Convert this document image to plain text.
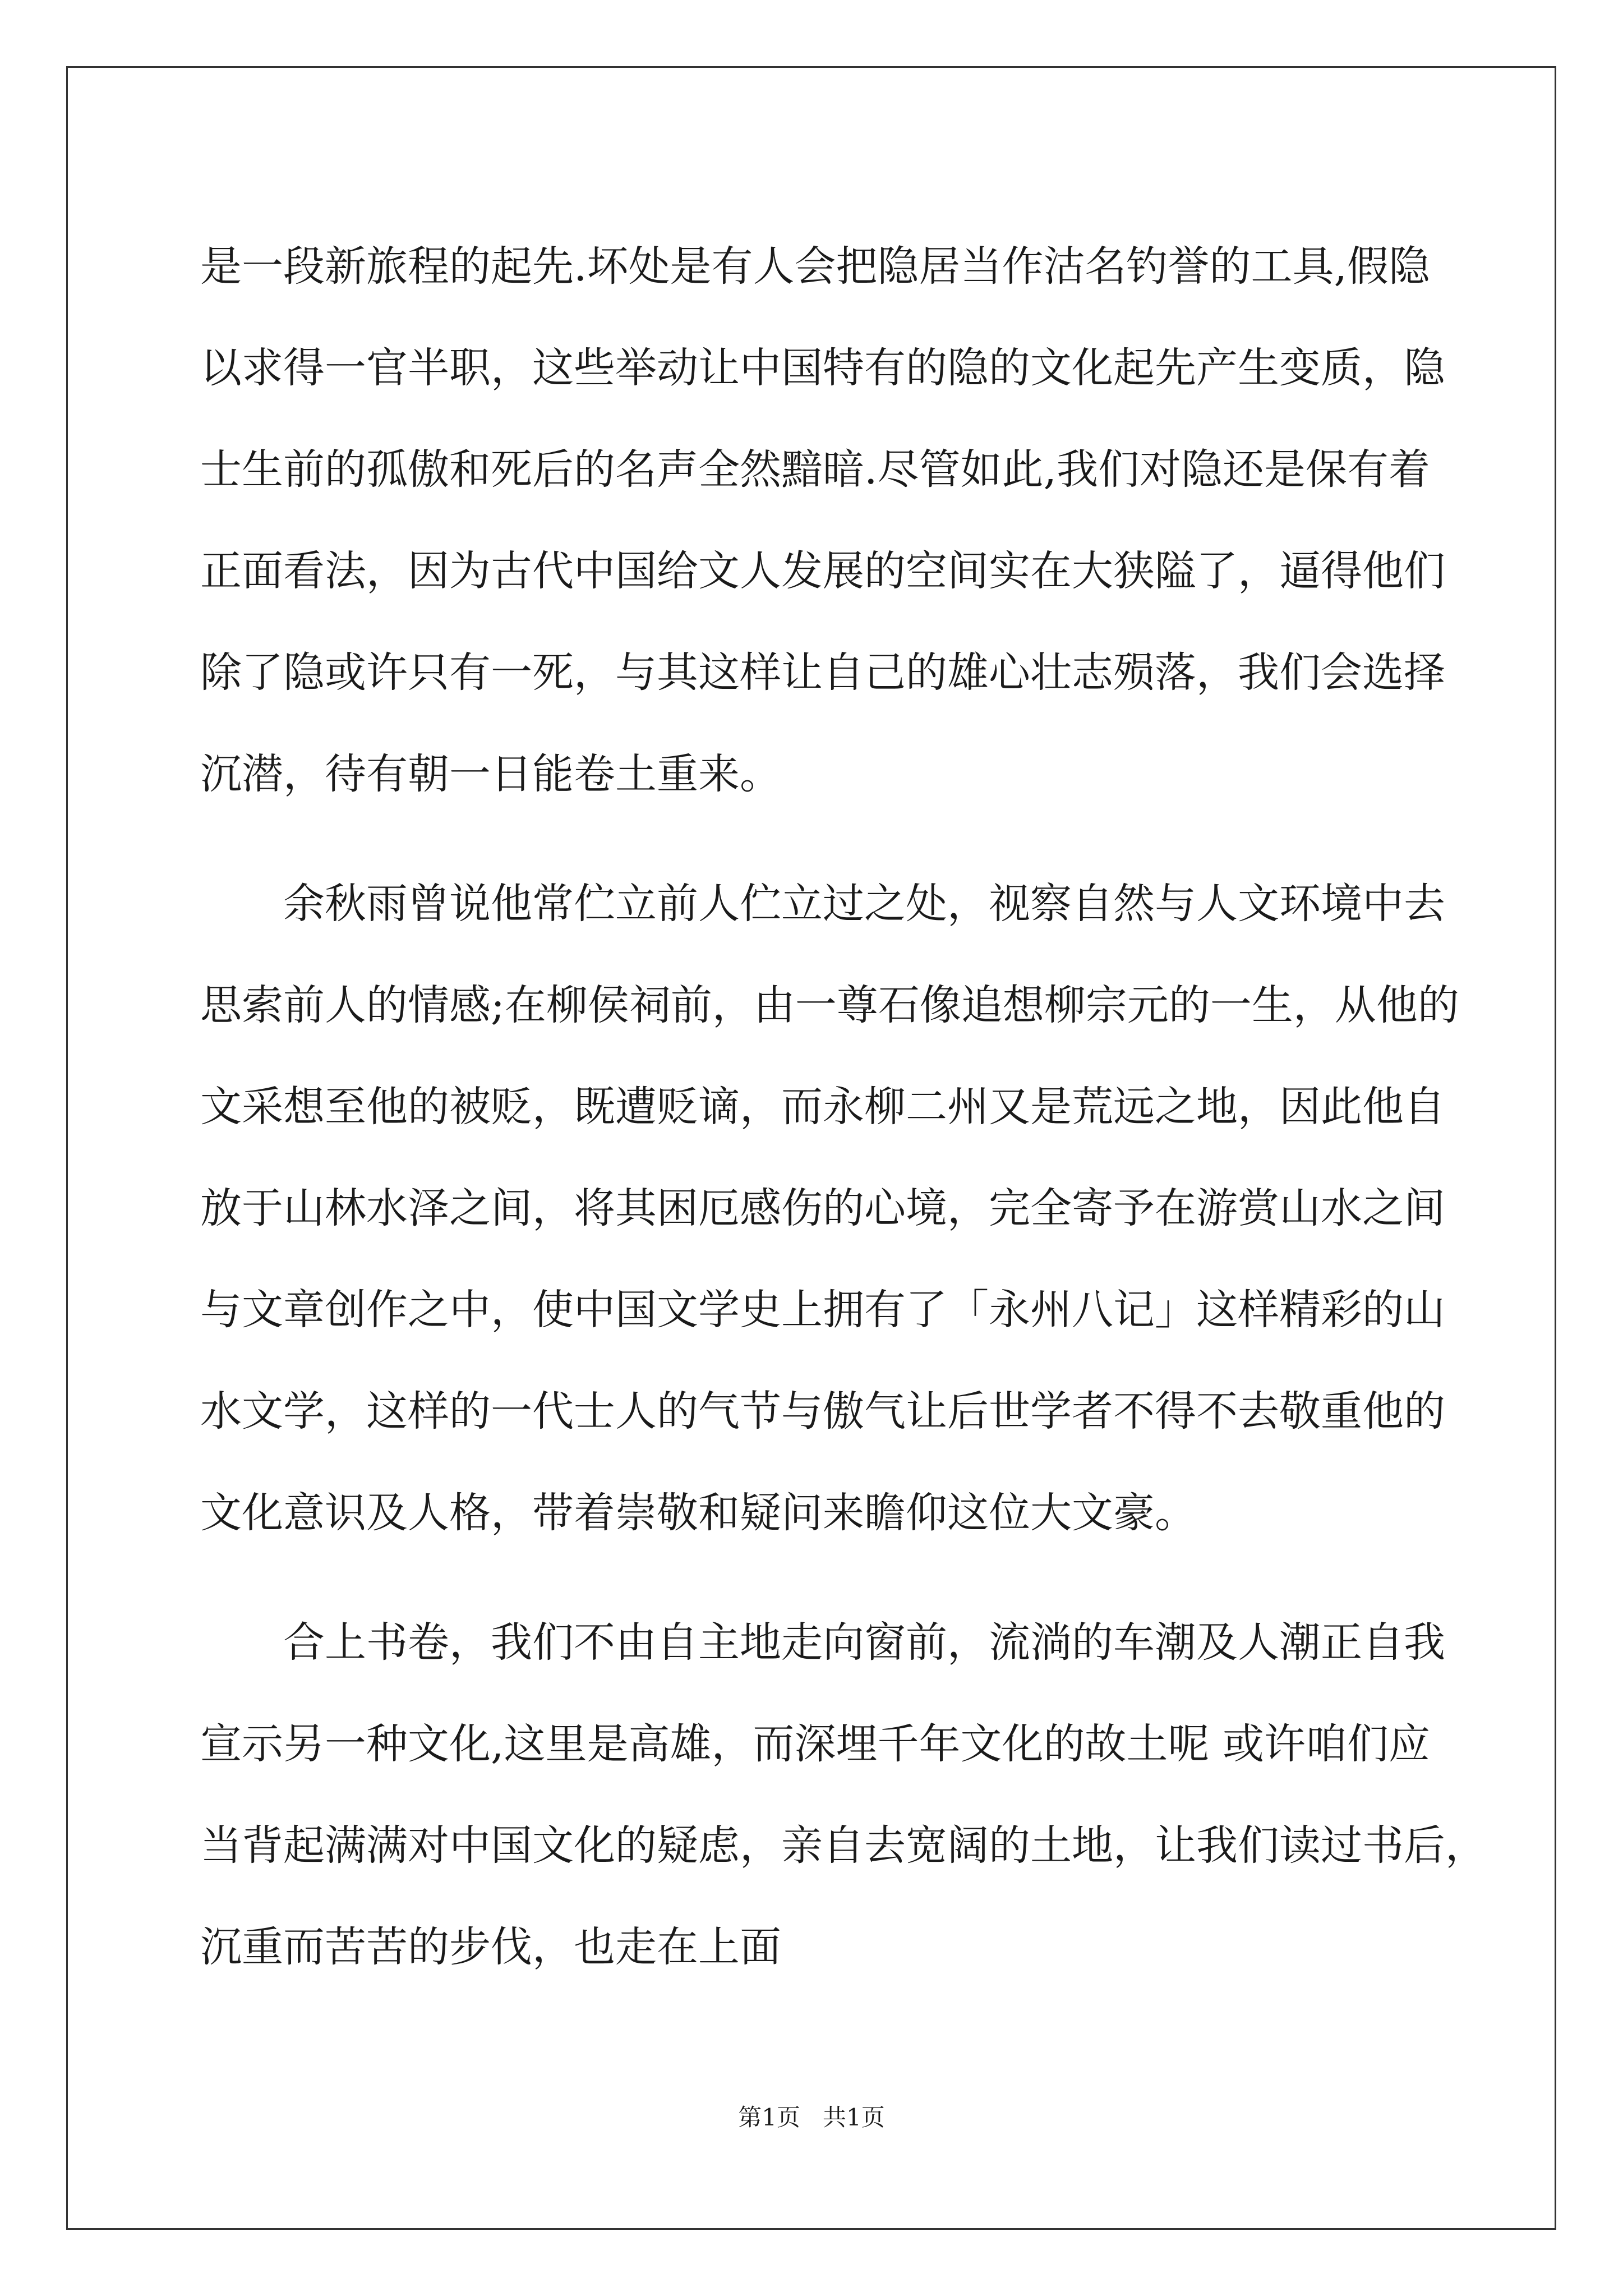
是一段新旅程的起先.坏处是有人会把隐居当作沽名钓誉的工具,假隐
以求得一官半职，这些举动让中国特有的隐的文化起先产生变质，隐
士生前的孤傲和死后的名声全然黯暗.尽管如此,我们对隐还是保有着
正面看法，因为古代中国给文人发展的空间实在大狭隘了，逼得他们
除了隐或许只有一死，与其这样让自己的雄心壮志殒落，我们会选择
沉潜，待有朝一日能卷土重来。
余秋雨曾说他常伫立前人伫立过之处，视察自然与人文环境中去
思索前人的情感;在柳侯祠前，由一尊石像追想柳宗元的一生，从他的
文采想至他的被贬，既遭贬谪，而永柳二州又是荒远之地，因此他自
放于山林水泽之间，将其困厄感伤的心境，完全寄予在游赏山水之间
与文章创作之中，使中国文学史上拥有了「永州八记」这样精彩的山
水文学，这样的一代士人的气节与傲气让后世学者不得不去敬重他的
文化意识及人格，带着崇敬和疑问来瞻仰这位大文豪。
合上书卷，我们不由自主地走向窗前，流淌的车潮及人潮正自我
宣示另一种文化,这里是高雄，而深埋千年文化的故土呢 或许咱们应
当背起满满对中国文化的疑虑，亲自去宽阔的土地，让我们读过书后，
沉重而苦苦的步伐，也走在上面
第1页   共1页
